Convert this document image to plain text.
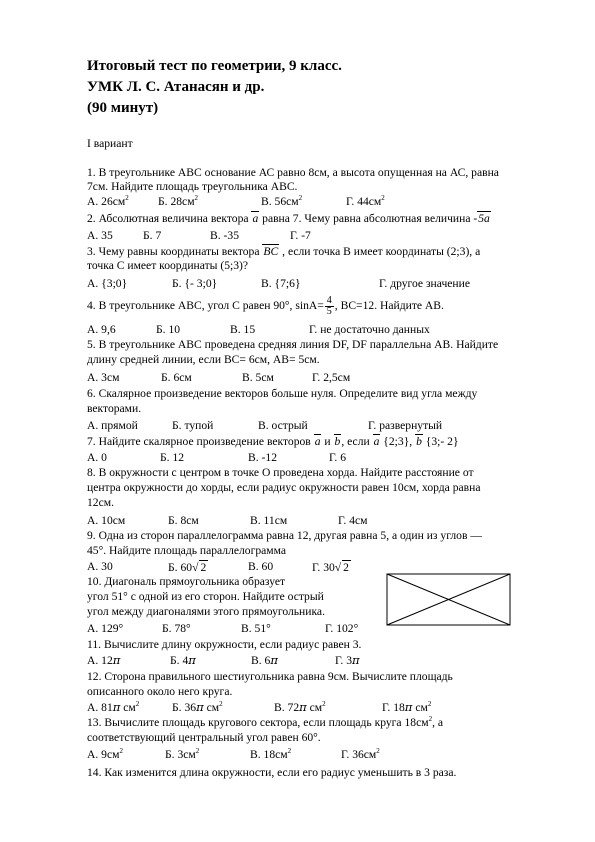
Итоговый тест по геометрии, 9 класс.
УМК Л. С. Атанасян и др.
(90 минут)
I вариант
1. В треугольнике АВС основание АС равно 8см, а высота опущенная на АС, равна
7см. Найдите площадь треугольника АВС.
А. $26см^2$	Б. $28см^2$	В. $56см^2$	Г. $44см^2$
2. Абсолютная величина вектора a равна 7. Чему равна абсолютная величина -5a
А. 35	Б. 7	В. -35	Г. -7
3. Чему равны координаты вектора BC , если точка В имеет координаты (2;3), а
точка С имеет координаты (5;3)?
А. {3;0}	Б. {- 3;0}	В. {7;6}	Г. другое значение
4. В треугольнике АВС, угол С равен 90°, $\sin A= \frac{4}{5}$ , ВС=12. Найдите АВ.
А. 9,6	Б. 10	В. 15	Г. не достаточно данных
5. В треугольнике АВС проведена средняя линия DF, DF параллельна АВ. Найдите
длину средней линии, если ВС= 6см, АВ= 5см.
А. 3см	Б. 6см	В. 5см	Г. 2,5см
6. Скалярное произведение векторов больше нуля. Определите вид угла между
векторами.
А. прямой	Б. тупой	В. острый	Г. развернутый
7. Найдите скалярное произведение векторов a и b, если a {2;3}, b {3;- 2}
А. 0	Б. 12	В. -12	Г. 6
8. В окружности с центром в точке О проведена хорда. Найдите расстояние от
центра окружности до хорды, если радиус окружности равен 10см, хорда равна
12см.
А. 10см	Б. 8см	В. 11см	Г. 4см
9. Одна из сторон параллелограмма равна 12, другая равна 5, а один из углов —
45°. Найдите площадь параллелограмма
А. 30	Б. 60√ 2	В. 60	Г. 30√ 2
10. Диагональ прямоугольника образует
угол 51° с одной из его сторон. Найдите острый
угол между диагоналями этого прямоугольника.
А. 129°	Б. 78°	В. 51°	Г. 102°
11. Вычислите длину окружности, если радиус равен 3.
А. 12π	Б. 4π	В. 6π	Г. 3π
12. Сторона правильного шестиугольника равна 9см. Вычислите площадь
описанного около него круга.
А. 81π $см^2$	Б. 36π $см^2$	В. 72π $см^2$	Г. 18π $см^2$
13. Вычислите площадь кругового сектора, если площадь круга $18см^2$, а
соответствующий центральный угол равен 60°.
А. $9см^2$	Б. $3см^2$	В. $18см^2$	Г. $36см^2$
14. Как изменится длина окружности, если его радиус уменьшить в 3 раза.
